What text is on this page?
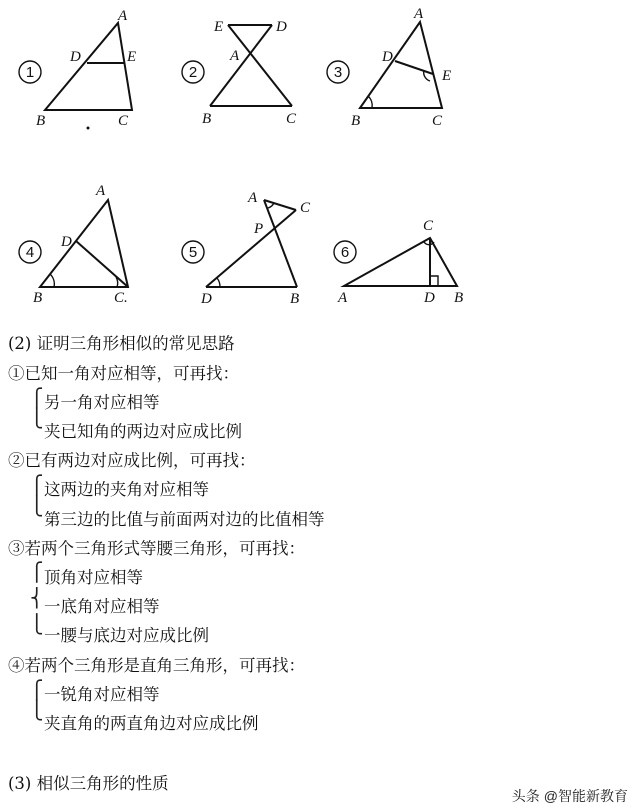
1
A
D	E
B	C
2
E	D
A
B	C
3
A
D
E
B	C
4
A
D
B	C.
5
A
C
P
D	B
6
C
A	D B
(2) 证明三角形相似的常见思路
①已知一角对应相等，可再找：
⎧
⎩
另一角对应相等
夹已知角的两边对应成比例
②已有两边对应成比例，可再找：
⎧
⎩
这两边的夹角对应相等
第三边的比值与前面两对边的比值相等
③若两个三角形式等腰三角形，可再找：
⎧
⎨
⎩
顶角对应相等
一底角对应相等
一腰与底边对应成比例
④若两个三角形是直角三角形，可再找：
⎧
⎩
一锐角对应相等
夹直角的两直角边对应成比例
(3) 相似三角形的性质
头条 @智能新教育
